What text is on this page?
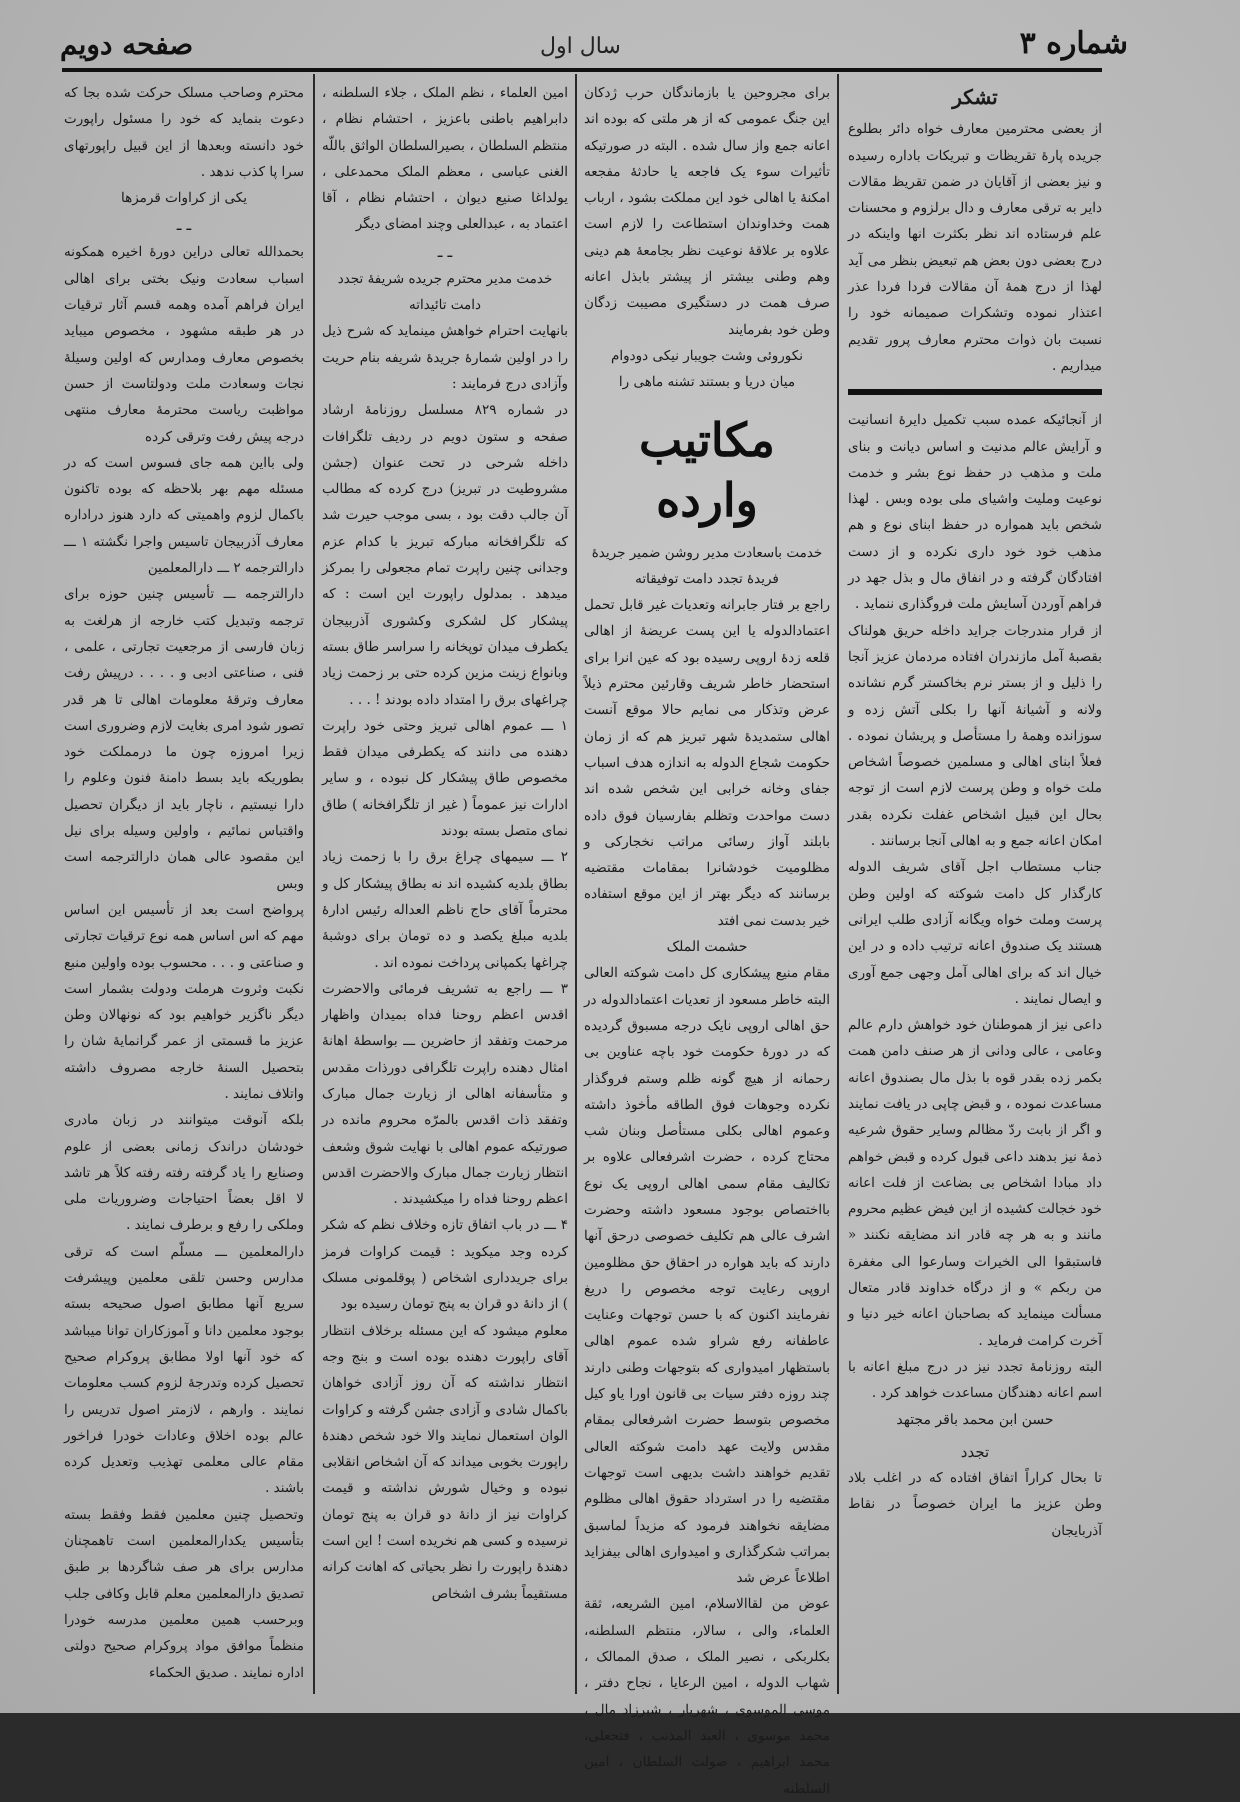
شماره ۳
سال اول
صفحه دویم
تشکر

از بعضی محترمین معارف خواه دائر بطلوع جریده پارهٔ تقریظات و تبریکات باداره رسیده و نیز بعضی از آقایان در ضمن تقریظ مقالات دایر به ترقی معارف و دال برلزوم و محسنات علم فرستاده اند نظر بکثرت انها واینکه در درج بعضی دون بعض هم تبعیض بنظر می آید لهذا از درج همهٔ آن مقالات فردا فردا عذر اعتذار نموده وتشکرات صمیمانه خود را نسبت بان ذوات محترم معارف پرور تقدیم میداریم .

از آنجائیکه عمده سبب تکمیل دایرهٔ انسانیت و آرایش عالم مدنیت و اساس دیانت و بنای ملت و مذهب در حفظ نوع بشر و خدمت نوعیت وملیت واشیای ملی بوده وبس . لهذا شخص باید همواره در حفظ ابنای نوع و هم مذهب خود خود داری نکرده و از دست افتادگان گرفته و در انفاق مال و بذل جهد در فراهم آوردن آسایش ملت فروگذاری ننماید .

از قرار مندرجات جراید داخله حریق هولناک بقصبهٔ آمل مازندران افتاده مردمان عزیز آنجا را ذلیل و از بستر نرم بخاکستر گرم نشانده ولانه و آشیانهٔ آنها را بکلی آتش زده و سوزانده وهمهٔ را مستأصل و پریشان نموده . فعلاً ابنای اهالی و مسلمین خصوصاً اشخاص ملت خواه و وطن پرست لازم است از توجه بحال این قبیل اشخاص غفلت نکرده بقدر امکان اعانه جمع و به اهالی آنجا برسانند .

جناب مستطاب اجل آقای شریف الدوله کارگذار کل دامت شوکته که اولین وطن پرست وملت خواه ویگانه آزادی طلب ایرانی هستند یک صندوق اعانه ترتیب داده و در این خیال اند که برای اهالی آمل وجهی جمع آوری و ایصال نمایند .

داعی نیز از هموطنان خود خواهش دارم عالم وعامی ، عالی ودانی از هر صنف دامن همت بکمر زده بقدر قوه با بذل مال بصندوق اعانه مساعدت نموده ، و قبض چاپی در یافت نمایند و اگر از بابت ردّ مظالم وسایر حقوق شرعیه ذمهٔ نیز بدهند داعی قبول کرده و قبض خواهم داد مبادا اشخاص بی بضاعت از فلت اعانه خود خجالت کشیده از این فیض عظیم محروم مانند و به هر چه قادر اند مضایقه نکنند « فاستبقوا الی الخیرات وسارعوا الی مغفرة من ربکم » و از درگاه خداوند قادر متعال مسألت مینماید که بصاحبان اعانه خیر دنیا و آخرت کرامت فرماید .

البته روزنامهٔ تجدد نیز در درج مبلغ اعانه با اسم اعانه دهندگان مساعدت خواهد کرد .

حسن ابن محمد باقر مجتهد

تجدد

تا بحال کراراً اتفاق افتاده که در اغلب بلاد وطن عزیز ما ایران خصوصاً در نقاط آذربایجان

برای مجروحین یا بازماندگان حرب ژدکان این جنگ عمومی که از هر ملتی که بوده اند اعانه جمع واز سال شده . البته در صورتیکه تأثیرات سوء یک فاجعه یا حادثهٔ مفجعه امکنهٔ یا اهالی خود این مملکت بشود ، ارباب همت وخداوندان استطاعت را لازم است علاوه بر علاقهٔ نوعیت نظر بجامعهٔ هم دینی وهم وطنی بیشتر از پیشتر بابذل اعانه صرف همت در دستگیری مصیبت زدگان وطن خود بفرمایند

نکوروئی وشت جویبار نیکی دودوام

میان دریا و بستند تشنه ماهی را

مکاتیب وارده

خدمت باسعادت مدیر روشن ضمیر جریدهٔ فریدهٔ تجدد دامت توفیقاته

راجع بر فتار جابرانه وتعدیات غیر قابل تحمل اعتمادالدوله یا این پست عریضهٔ از اهالی قلعه زدهٔ اروپی رسیده بود که عین انرا برای استحضار خاطر شریف وقارئین محترم ذیلاً عرض وتذکار می نمایم حالا موقع آنست اهالی ستمدیدهٔ شهر تبریز هم که از زمان حکومت شجاع الدوله به اندازه هدف اسباب جفای وخانه خرابی این شخص شده اند دست مواحدت وتظلم بفارسیان فوق داده بابلند آواز رسائی مراتب نخجارکی و مظلومیت خودشانرا بمقامات مقتضیه برسانند که دیگر بهتر از این موقع استفاده خیر بدست نمی افتد

حشمت الملک

مقام منیع پیشکاری کل دامت شوکته العالی البته خاطر مسعود از تعدیات اعتمادالدوله در حق اهالی اروپی نایک درجه مسبوق گردیده که در دورهٔ حکومت خود باچه عناوین بی رحمانه از هیچ گونه ظلم وستم فروگذار نکرده وجوهات فوق الطاقه مأخوذ داشته وعموم اهالی بکلی مستأصل وبنان شب محتاج کرده ، حضرت اشرفعالی علاوه بر تکالیف مقام سمی اهالی اروپی یک نوع بااختصاص بوجود مسعود داشته وحضرت اشرف عالی هم تکلیف خصوصی درحق آنها دارند که باید هواره در احقاق حق مظلومین اروپی رعایت توجه مخصوص را دریغ نفرمایند اکنون که با حسن توجهات وعنایت عاطفانه رفع شراو شده عموم اهالی باستظهار امیدواری که بتوجهات وطنی دارند چند روزه دفتر سیات بی قانون اورا یاو کیل مخصوص بتوسط حضرت اشرفعالی بمقام مقدس ولایت عهد دامت شوکته العالی تقدیم خواهند داشت بدیهی است توجهات مقتضیه را در استرداد حقوق اهالی مظلوم مضایقه نخواهند فرمود که مزیداً لماسبق بمراتب شکرگذاری و امیدواری اهالی بیفزاید اطلاعاً عرض شد

عوض من لقاالاسلام، امین الشریعه، ثقة العلماء، والی ، سالار، منتظم السلطنه، بکلربکی ، نصیر الملک ، صدق الممالک ، شهاب الدوله ، امین الرعایا ، نجاح دفتر ، موسی الموسوی ، شهریار ، شیرزاد مال ، محمد موسوی ، العبد المذنب ، فتحعلی، محمد ابراهیم ، صولت السلطان ، امین السلطنه

امین العلماء ، نظم الملک ، جلاء السلطنه ، دابراهیم باطنی باعزیز ، احتشام نظام ، منتظم السلطان ، بصیرالسلطان الواثق باللّه الغنی عباسی ، معظم الملک محمدعلی ، یولداغا صنیع دیوان ، احتشام نظام ، آقا اعتماد به ، عبدالعلی وچند امضای دیگر

ـ ـ

خدمت مدیر محترم جریده شریفهٔ تجدد دامت تائیداته

بانهایت احترام خواهش مینماید که شرح ذیل را در اولین شمارهٔ جریدهٔ شریفه بنام حریت وآزادی درج فرمایند :

در شماره ۸۲۹ مسلسل روزنامهٔ ارشاد صفحه و ستون دویم در ردیف تلگرافات داخله شرحی در تحت عنوان (جشن مشروطیت در تبریز) درج کرده که مطالب آن جالب دقت بود ، بسی موجب حیرت شد که تلگرافخانه مبارکه تبریز با کدام عزم وجدانی چنین راپرت تمام مجعولی را بمرکز میدهد . بمدلول راپورت این است : که پیشکار کل لشکری وکشوری آذربیجان یکطرف میدان توپخانه را سراسر طاق بسته وبانواع زینت مزین کرده حتی بر زحمت زیاد چراغهای برق را امتداد داده بودند ! . . .

۱ ـــ عموم اهالی تبریز وحتی خود راپرت دهنده می دانند که یکطرفی میدان فقط مخصوص طاق پیشکار کل نبوده ، و سایر ادارات نیز عموماً ( غیر از تلگرافخانه ) طاق نمای متصل بسته بودند

۲ ـــ سیمهای چراغ برق را با زحمت زیاد بطاق بلدیه کشیده اند نه بطاق پیشکار کل و محترماً آقای حاج ناظم العداله رئیس ادارهٔ بلدیه مبلغ یکصد و ده تومان برای دوشبهٔ چراغها بکمپانی پرداخت نموده اند .

۳ ـــ راجع به تشریف فرمائی والاحضرت اقدس اعظم روحنا فداه بمیدان واظهار مرحمت وتفقد از حاضرین ـــ بواسطهٔ اهانهٔ امثال دهنده راپرت تلگرافی دورذات مقدس و متأسفانه اهالی از زیارت جمال مبارک وتفقد ذات اقدس بالمرّه محروم مانده در صورتیکه عموم اهالی با نهایت شوق وشعف انتظار زیارت جمال مبارک والاحضرت اقدس اعظم روحنا فداه را میکشیدند .

۴ ـــ در باب اتفاق تازه وخلاف نظم که شکر کرده وجد میکوید : قیمت کراوات فرمز برای جریدداری اشخاص ( پوقلمونی مسلک ) از دانهٔ دو قران به پنج تومان رسیده بود

معلوم میشود که این مسئله برخلاف انتظار آقای راپورت دهنده بوده است و بنج وجه انتظار نداشته که آن روز آزادی خواهان باکمال شادی و آزادی جشن گرفته و کراوات الوان استعمال نمایند والا خود شخص دهندهٔ راپورت بخوبی میداند که آن اشخاص انقلابی نبوده و وخیال شورش نداشته و قیمت کراوات نیز از دانهٔ دو قران به پنج تومان نرسیده و کسی هم نخریده است ! این است دهندهٔ راپورت را نظر بحیاتی که اهانت کرانه مستقیماً بشرف اشخاص

محترم وصاحب مسلک حرکت شده بجا که دعوت بنماید که خود را مسئول راپورت خود دانسته وبعدها از این قبیل راپورتهای سرا پا کذب ندهد .

یکی از کراوات قرمزها

ـ ـ

بحمدالله تعالی دراین دورهٔ اخیره همکونه اسباب سعادت ونیک بختی برای اهالی ایران فراهم آمده وهمه قسم آثار ترقیات در هر طبقه مشهود ، مخصوص میباید بخصوص معارف ومدارس که اولین وسیلهٔ نجات وسعادت ملت ودولتاست از حسن مواظبت ریاست محترمهٔ معارف منتهی درجه پیش رفت وترقی کرده

ولی بااین همه جای فسوس است که در مسئله مهم بهر بلاحظه که بوده تاکنون باکمال لزوم واهمیتی که دارد هنوز دراداره معارف آذربیجان تاسیس واجرا نگشته ۱ ـــ دارالترجمه ۲ ـــ دارالمعلمین

دارالترجمه ـــ تأسیس چنین حوزه برای ترجمه وتبدیل کتب خارجه از هرلغت به زبان فارسی از مرجعیت تجارتی ، علمی ، فنی ، صناعتی ادبی و . . . . درپیش رفت معارف وترقهٔ معلومات اهالی تا هر قدر تصور شود امری بغایت لازم وضروری است زیرا امروزه چون ما درمملکت خود بطوریکه باید بسط دامنهٔ فنون وعلوم را دارا نیستیم ، ناچار باید از دیگران تحصیل واقتباس نمائیم ، واولین وسیله برای نیل این مقصود عالی همان دارالترجمه است وبس

پرواضح است بعد از تأسیس این اساس مهم که اس اساس همه نوع ترقیات تجارتی و صناعتی و . . . محسوب بوده واولین منبع نکبت وثروت هرملت ودولت بشمار است دیگر ناگزیر خواهیم بود که نونهالان وطن عزیز ما قسمتی از عمر گرانمایهٔ شان را بتحصیل السنهٔ خارجه مصروف داشته واتلاف نمایند .

بلکه آنوقت میتوانند در زبان مادری خودشان دراندک زمانی بعضی از علوم وصنایع را یاد گرفته رفته رفته کلاً هر تاشد لا اقل بعضاً احتیاجات وضروریات ملی وملکی را رفع و برطرف نمایند .

دارالمعلمین ـــ مسلّم است که ترقی مدارس وحسن تلقی معلمین وپیشرفت سریع آنها مطابق اصول صحیحه بسته بوجود معلمین دانا و آموزکاران توانا میباشد که خود آنها اولا مطابق پروکرام صحیح تحصیل کرده وتدرجهٔ لزوم کسب معلومات نمایند . وارهم ، لازمتر اصول تدریس را عالم بوده اخلاق وعادات خودرا فراخور مقام عالی معلمی تهذیب وتعدیل کرده باشند .

وتحصیل چنین معلمین فقط وفقط بسته بتأسیس یکدارالمعلمین است تاهمچنان مدارس برای هر صف شاگردها بر طبق تصدیق دارالمعلمین معلم قابل وکافی جلب وبرحسب همین معلمین مدرسه خودرا منظماً موافق مواد پروکرام صحیح دولتی اداره نمایند . صدیق الحکماء
